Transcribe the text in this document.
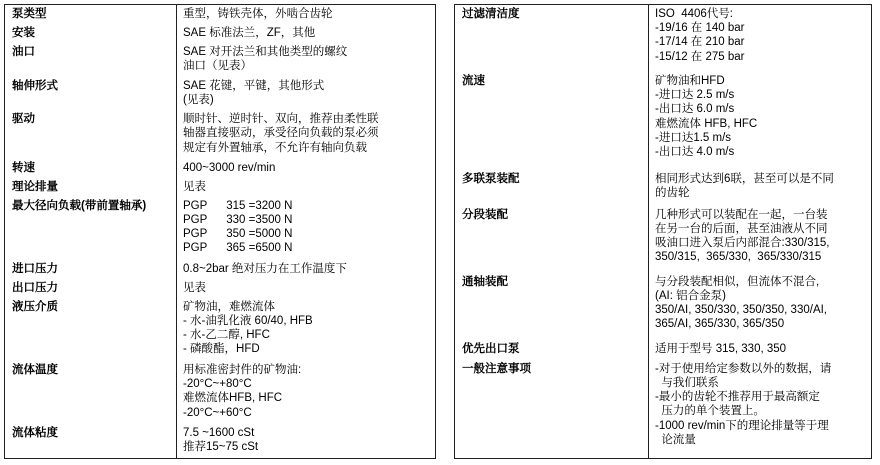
泵类型	重型，铸铁壳体，外啮合齿轮

安装	SAE 标准法兰，ZF，其他

油口	SAE 对开法兰和其他类型的螺纹
油口（见表）

轴伸形式	SAE 花键，平键，其他形式
(见表)

驱动	顺时针、逆时针、双向，推荐由柔性联
轴器直接驱动，承受径向负载的泵必须
规定有外置轴承，不允许有轴向负载

转速	400~3000 rev/min

理论排量	见表

最大径向负载(带前置轴承)	PGP      315 =3200 N
PGP      330 =3500 N
PGP      350 =5000 N
PGP      365 =6500 N

进口压力	0.8~2bar 绝对压力在工作温度下

出口压力	见表

液压介质	矿物油，难燃流体
- 水-油乳化液 60/40, HFB
- 水-乙二醇, HFC
- 磷酸酯，HFD

流体温度	用标准密封件的矿物油:
-20°C~+80°C
难燃流体HFB, HFC
-20°C~+60°C

流体粘度	7.5 ~1600 cSt
推荐15~75 cSt
过滤清洁度	ISO  4406代号:
-19/16 在 140 bar
-17/14 在 210 bar
-15/12 在 275 bar

流速	矿物油和HFD
-进口达 2.5 m/s
-出口达 6.0 m/s
难燃流体 HFB, HFC
-进口达1.5 m/s
-出口达 4.0 m/s

多联泵装配	相同形式达到6联，甚至可以是不同
的齿轮

分段装配	几种形式可以装配在一起，一台装
在另一台的后面，甚至油液从不同
吸油口进入泵后内部混合:330/315,
350/315,  365/330,  365/330/315

通轴装配	与分段装配相似，但流体不混合,
(AI: 铝合金泵)
350/AI, 350/330, 350/350, 330/AI,
365/AI, 365/330, 365/350

优先出口泵	适用于型号 315, 330, 350

一般注意事项	-对于使用给定参数以外的数据，请
与我们联系
-最小的齿轮不推荐用于最高额定
压力的单个装置上。
-1000 rev/min下的理论排量等于理
论流量
